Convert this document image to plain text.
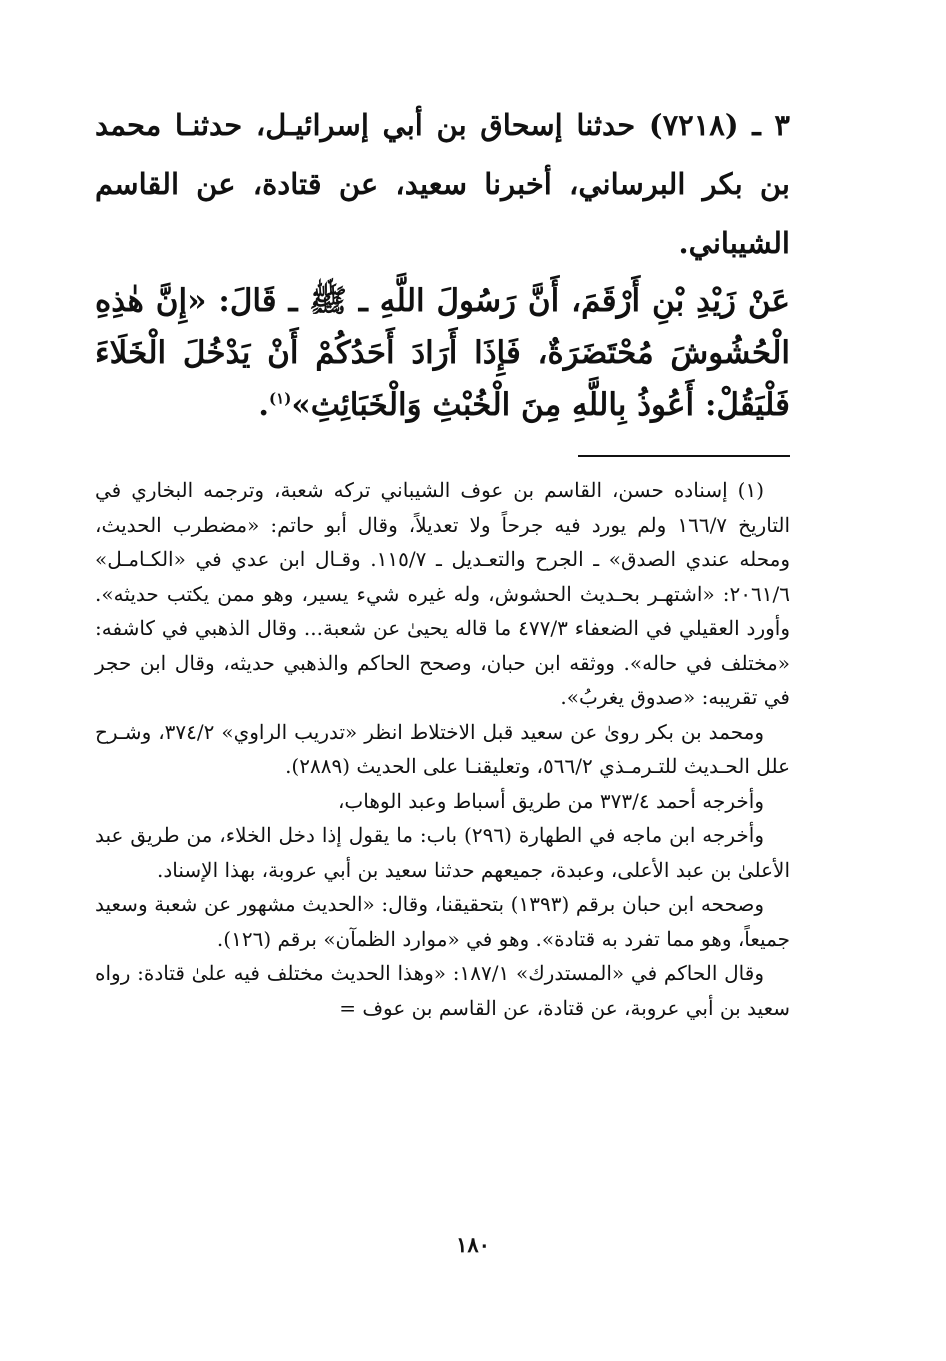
٣ ـ (٧٢١٨) حدثنا إسحاق بن أبي إسرائيـل، حدثنـا محمد بن بكر البرساني، أخبرنا سعيد، عن قتادة، عن القاسم الشيباني.

عَنْ زَيْدِ بْنِ أَرْقَمَ، أَنَّ رَسُولَ اللَّهِ ـ ﷺ ـ قَالَ: «إِنَّ هٰذِهِ الْحُشُوشَ مُحْتَضَرَةٌ، فَإِذَا أَرَادَ أَحَدُكُمْ أَنْ يَدْخُلَ الْخَلَاءَ فَلْيَقُلْ: أَعُوذُ بِاللَّهِ مِنَ الْخُبْثِ وَالْخَبَائِثِ»$^{(١)}$.

(١) إسناده حسن، القاسم بن عوف الشيباني تركه شعبة، وترجمه البخاري في التاريخ ١٦٦/٧ ولم يورد فيه جرحاً ولا تعديلاً، وقال أبو حاتم: «مضطرب الحديث، ومحله عندي الصدق» ـ الجرح والتعـديل ـ ١١٥/٧. وقـال ابن عدي في «الكـامـل» ٢٠٦١/٦: «اشتهـر بحـديث الحشوش، وله غيره شيء يسير، وهو ممن يكتب حديثه». وأورد العقيلي في الضعفاء ٤٧٧/٣ ما قاله يحيىٰ عن شعبة... وقال الذهبي في كاشفه: «مختلف في حاله». ووثقه ابن حبان، وصحح الحاكم والذهبي حديثه، وقال ابن حجر في تقريبه: «صدوق يغربُ».

ومحمد بن بكر روىٰ عن سعيد قبل الاختلاط انظر «تدريب الراوي» ٣٧٤/٢، وشـرح علل الحـديث للتـرمـذي ٥٦٦/٢، وتعليقنـا على الحديث (٢٨٨٩).

وأخرجه أحمد ٣٧٣/٤ من طريق أسباط وعبد الوهاب،

وأخرجه ابن ماجه في الطهارة (٢٩٦) باب: ما يقول إذا دخل الخلاء، من طريق عبد الأعلىٰ بن عبد الأعلى، وعبدة، جميعهم حدثنا سعيد بن أبي عروبة، بهذا الإسناد.

وصححه ابن حبان برقم (١٣٩٣) بتحقيقنا، وقال: «الحديث مشهور عن شعبة وسعيد جميعاً، وهو مما تفرد به قتادة». وهو في «موارد الظمآن» برقم (١٢٦).

وقال الحاكم في «المستدرك» ١٨٧/١: «وهذا الحديث مختلف فيه علىٰ قتادة: رواه سعيد بن أبي عروبة، عن قتادة، عن القاسم بن عوف =

١٨٠
